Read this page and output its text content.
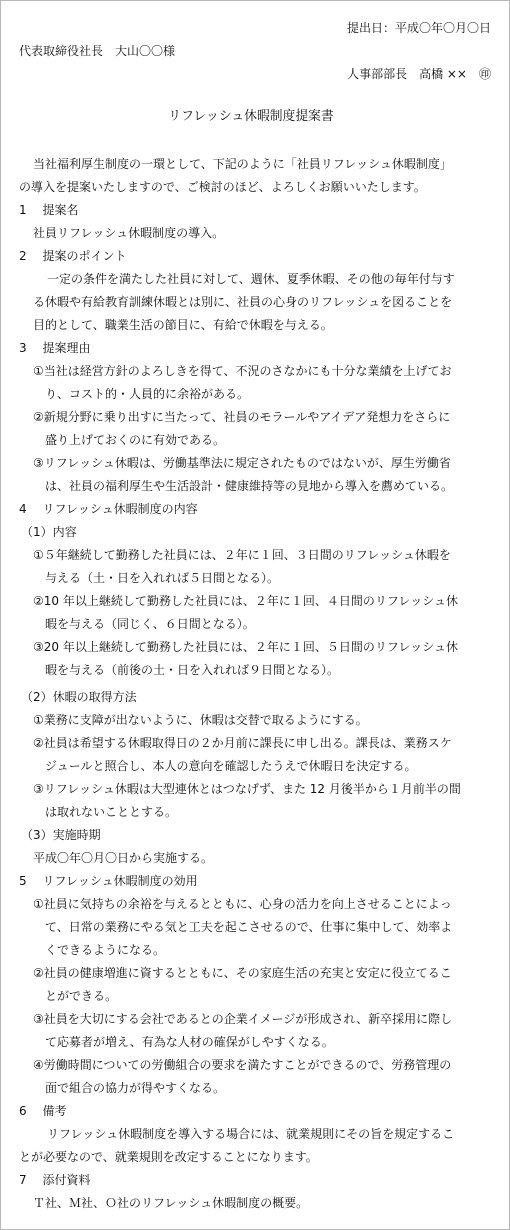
提出日：平成〇年〇月〇日
代表取締役社長　大山〇〇様
人事部部長　高橋 ××　㊞
リフレッシュ休暇制度提案書
当社福利厚生制度の一環として、下記のように「社員リフレッシュ休暇制度」
の導入を提案いたしますので、ご検討のほど、よろしくお願いいたします。
1　 提案名
社員リフレッシュ休暇制度の導入。
2　 提案のポイント
一定の条件を満たした社員に対して、週休、夏季休暇、その他の毎年付与す
る休暇や有給教育訓練休暇とは別に、社員の心身のリフレッシュを図ることを
目的として、職業生活の節目に、有給で休暇を与える。
3　 提案理由
①当社は経営方針のよろしきを得て、不況のさなかにも十分な業績を上げてお
り、コスト的・人員的に余裕がある。
②新規分野に乗り出すに当たって、社員のモラールやアイデア発想力をさらに
盛り上げておくのに有効である。
③リフレッシュ休暇は、労働基準法に規定されたものではないが、厚生労働省
は、社員の福利厚生や生活設計・健康維持等の見地から導入を薦めている。
4　 リフレッシュ休暇制度の内容
（1）内容
①５年継続して勤務した社員には、２年に１回、３日間のリフレッシュ休暇を
与える（土・日を入れれば５日間となる）。
②10 年以上継続して勤務した社員には、２年に１回、４日間のリフレッシュ休
暇を与える（同じく、６日間となる）。
③20 年以上継続して勤務した社員には、２年に１回、５日間のリフレッシュ休
暇を与える（前後の土・日を入れれば９日間となる）。
（2）休暇の取得方法
①業務に支障が出ないように、休暇は交替で取るようにする。
②社員は希望する休暇取得日の２か月前に課長に申し出る。課長は、業務スケ
ジュールと照合し、本人の意向を確認したうえで休暇日を決定する。
③リフレッシュ休暇は大型連休とはつなげず、また 12 月後半から１月前半の間
は取れないこととする。
（3）実施時期
平成〇年〇月〇日から実施する。
5　 リフレッシュ休暇制度の効用
①社員に気持ちの余裕を与えるとともに、心身の活力を向上させることによっ
て、日常の業務にやる気と工夫を起こさせるので、仕事に集中して、効率よ
くできるようになる。
②社員の健康増進に資するとともに、その家庭生活の充実と安定に役立てるこ
とができる。
③社員を大切にする会社であるとの企業イメージが形成され、新卒採用に際し
て応募者が増え、有為な人材の確保がしやすくなる。
④労働時間についての労働組合の要求を満たすことができるので、労務管理の
面で組合の協力が得やすくなる。
6　 備考
リフレッシュ休暇制度を導入する場合には、就業規則にその旨を規定するこ
とが必要なので、就業規則を改定することになります。
7　 添付資料
Ｔ社、Ｍ社、Ｏ社のリフレッシュ休暇制度の概要。
